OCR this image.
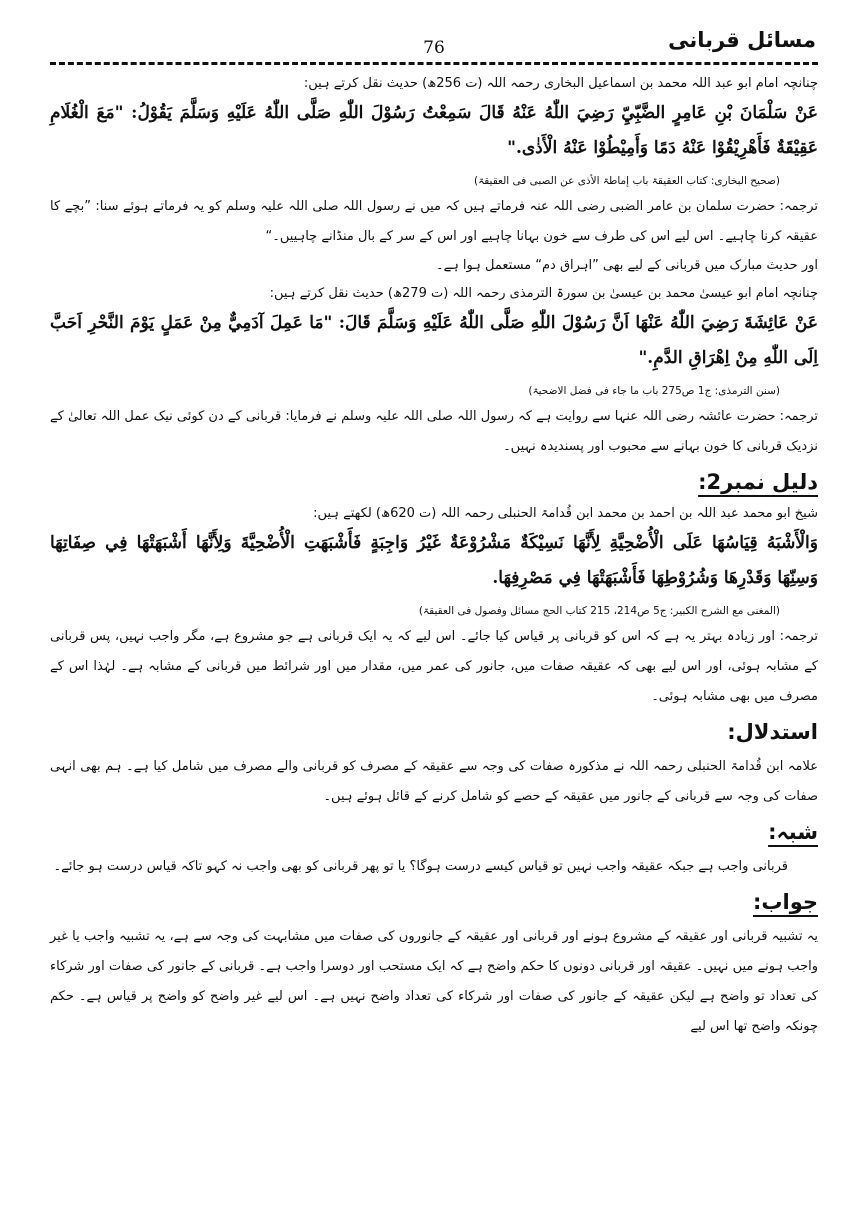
مسائل قربانی
76

چنانچہ امام ابو عبد اللہ محمد بن اسماعیل البخاری رحمہ اللہ (ت 256ھ) حدیث نقل کرتے ہیں:

عَنْ سَلْمَانَ بْنِ عَامِرٍ الضَّبِّيِّ رَضِيَ اللّٰهُ عَنْهُ قَالَ سَمِعْتُ رَسُوْلَ اللّٰهِ صَلَّى اللّٰهُ عَلَيْهِ وَسَلَّمَ يَقُوْلُ: "مَعَ الْغُلَامِ عَقِيْقَةٌ فَأَهْرِيْقُوْا عَنْهُ دَمًا وَأَمِيْطُوْا عَنْهُ الْأَذٰى."

(صحیح البخاری: کتاب العقیقۃ باب إماطۃ الأذی عن الصبی فی العقیقۃ)

ترجمہ: حضرت سلمان بن عامر الضبی رضی اللہ عنہ فرماتے ہیں کہ میں نے رسول اللہ صلی اللہ علیہ وسلم کو یہ فرماتے ہوئے سنا: ”بچے کا عقیقہ کرنا چاہیے۔ اس لیے اس کی طرف سے خون بہانا چاہیے اور اس کے سر کے بال منڈانے چاہییں۔“

اور حدیث مبارک میں قربانی کے لیے بھی ”اہراق دم“ مستعمل ہوا ہے۔

چنانچہ امام ابو عیسیٰ محمد بن عیسیٰ بن سورۃ الترمذی رحمہ اللہ (ت 279ھ) حدیث نقل کرتے ہیں:

عَنْ عَائِشَةَ رَضِيَ اللّٰهُ عَنْهَا اَنَّ رَسُوْلَ اللّٰهِ صَلَّى اللّٰهُ عَلَيْهِ وَسَلَّمَ قَالَ: "مَا عَمِلَ آدَمِيٌّ مِنْ عَمَلٍ يَوْمَ النَّحْرِ اَحَبَّ اِلَى اللّٰهِ مِنْ اِهْرَاقِ الدَّمِ."

(سنن الترمذی: ج1 ص275 باب ما جاء فی فضل الاضحیۃ)

ترجمہ: حضرت عائشہ رضی اللہ عنہا سے روایت ہے کہ رسول اللہ صلی اللہ علیہ وسلم نے فرمایا: قربانی کے دن کوئی نیک عمل اللہ تعالیٰ کے نزدیک قربانی کا خون بہانے سے محبوب اور پسندیدہ نہیں۔

دلیل نمبر2:

شیخ ابو محمد عبد اللہ بن احمد بن محمد ابن قُدامۃ الحنبلی رحمہ اللہ (ت 620ھ) لکھتے ہیں:

وَالْأَشْبَهُ قِيَاسُهَا عَلَى الْأُضْحِيَّةِ لِأَنَّهَا نَسِيْكَةٌ مَشْرُوْعَةٌ غَيْرُ وَاجِبَةٍ فَأَشْبَهَتِ الْأُضْحِيَّةَ وَلِأَنَّهَا أَشْبَهَتْهَا فِي صِفَاتِهَا وَسِنِّهَا وَقَدْرِهَا وَشُرُوْطِهَا فَأَشْبَهَتْهَا فِي مَصْرِفِهَا.

(المغنی مع الشرح الکبیر: ج5 ص214، 215 کتاب الحج مسائل وفصول فی العقیقۃ)

ترجمہ: اور زیادہ بہتر یہ ہے کہ اس کو قربانی پر قیاس کیا جائے۔ اس لیے کہ یہ ایک قربانی ہے جو مشروع ہے، مگر واجب نہیں، پس قربانی کے مشابہ ہوئی، اور اس لیے بھی کہ عقیقہ صفات میں، جانور کی عمر میں، مقدار میں اور شرائط میں قربانی کے مشابہ ہے۔ لہٰذا اس کے مصرف میں بھی مشابہ ہوئی۔

استدلال:

علامہ ابن قُدامۃ الحنبلی رحمہ اللہ نے مذکورہ صفات کی وجہ سے عقیقہ کے مصرف کو قربانی والے مصرف میں شامل کیا ہے۔ ہم بھی انہی صفات کی وجہ سے قربانی کے جانور میں عقیقہ کے حصے کو شامل کرنے کے قائل ہوئے ہیں۔

شبہ:

قربانی واجب ہے جبکہ عقیقہ واجب نہیں تو قیاس کیسے درست ہوگا؟ یا تو پھر قربانی کو بھی واجب نہ کہو تاکہ قیاس درست ہو جائے۔

جواب:

یہ تشبیہ قربانی اور عقیقہ کے مشروع ہونے اور قربانی اور عقیقہ کے جانوروں کی صفات میں مشابہت کی وجہ سے ہے، یہ تشبیہ واجب یا غیر واجب ہونے میں نہیں۔ عقیقہ اور قربانی دونوں کا حکم واضح ہے کہ ایک مستحب اور دوسرا واجب ہے۔ قربانی کے جانور کی صفات اور شرکاء کی تعداد تو واضح ہے لیکن عقیقہ کے جانور کی صفات اور شرکاء کی تعداد واضح نہیں ہے۔ اس لیے غیر واضح کو واضح پر قیاس ہے۔ حکم چونکہ واضح تھا اس لیے
